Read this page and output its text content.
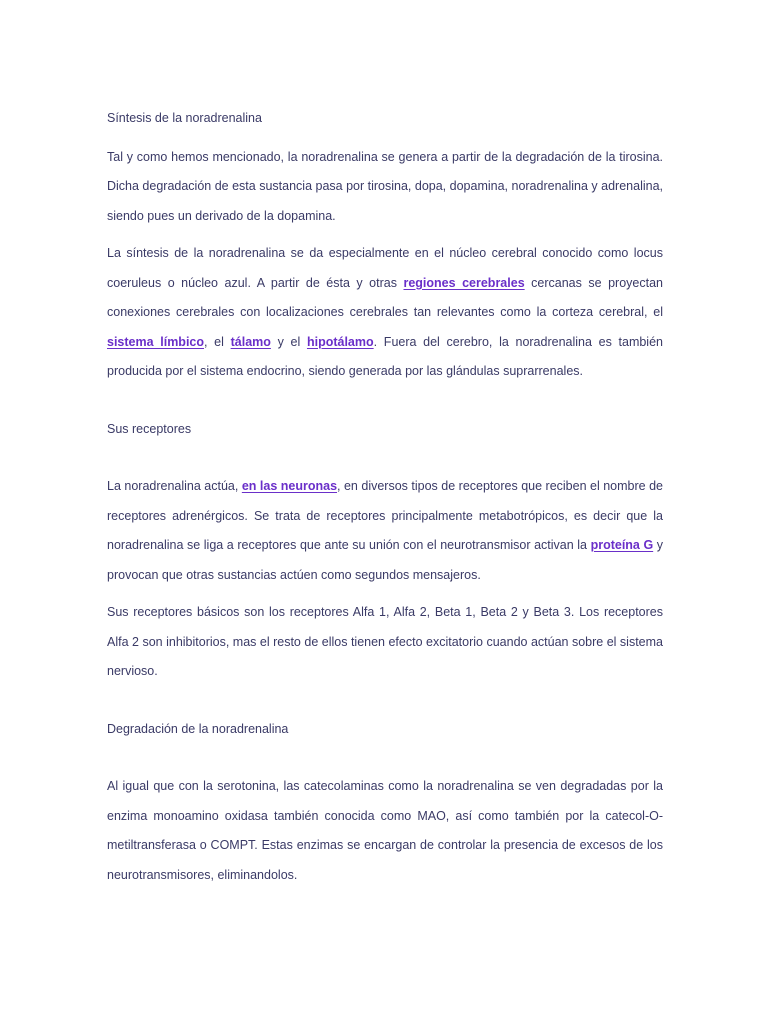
Síntesis de la noradrenalina

Tal y como hemos mencionado, la noradrenalina se genera a partir de la degradación de la tirosina. Dicha degradación de esta sustancia pasa por tirosina, dopa, dopamina, noradrenalina y adrenalina, siendo pues un derivado de la dopamina.

La síntesis de la noradrenalina se da especialmente en el núcleo cerebral conocido como locus coeruleus o núcleo azul. A partir de ésta y otras regiones cerebrales cercanas se proyectan conexiones cerebrales con localizaciones cerebrales tan relevantes como la corteza cerebral, el sistema límbico, el tálamo y el hipotálamo. Fuera del cerebro, la noradrenalina es también producida por el sistema endocrino, siendo generada por las glándulas suprarrenales.

Sus receptores

La noradrenalina actúa, en las neuronas, en diversos tipos de receptores que reciben el nombre de receptores adrenérgicos. Se trata de receptores principalmente metabotrópicos, es decir que la noradrenalina se liga a receptores que ante su unión con el neurotransmisor activan la proteína G y provocan que otras sustancias actúen como segundos mensajeros.

Sus receptores básicos son los receptores Alfa 1, Alfa 2, Beta 1, Beta 2 y Beta 3. Los receptores Alfa 2 son inhibitorios, mas el resto de ellos tienen efecto excitatorio cuando actúan sobre el sistema nervioso.

Degradación de la noradrenalina

Al igual que con la serotonina, las catecolaminas como la noradrenalina se ven degradadas por la enzima monoamino oxidasa también conocida como MAO, así como también por la catecol-O-metiltransferasa o COMPT. Estas enzimas se encargan de controlar la presencia de excesos de los neurotransmisores, eliminandolos.
